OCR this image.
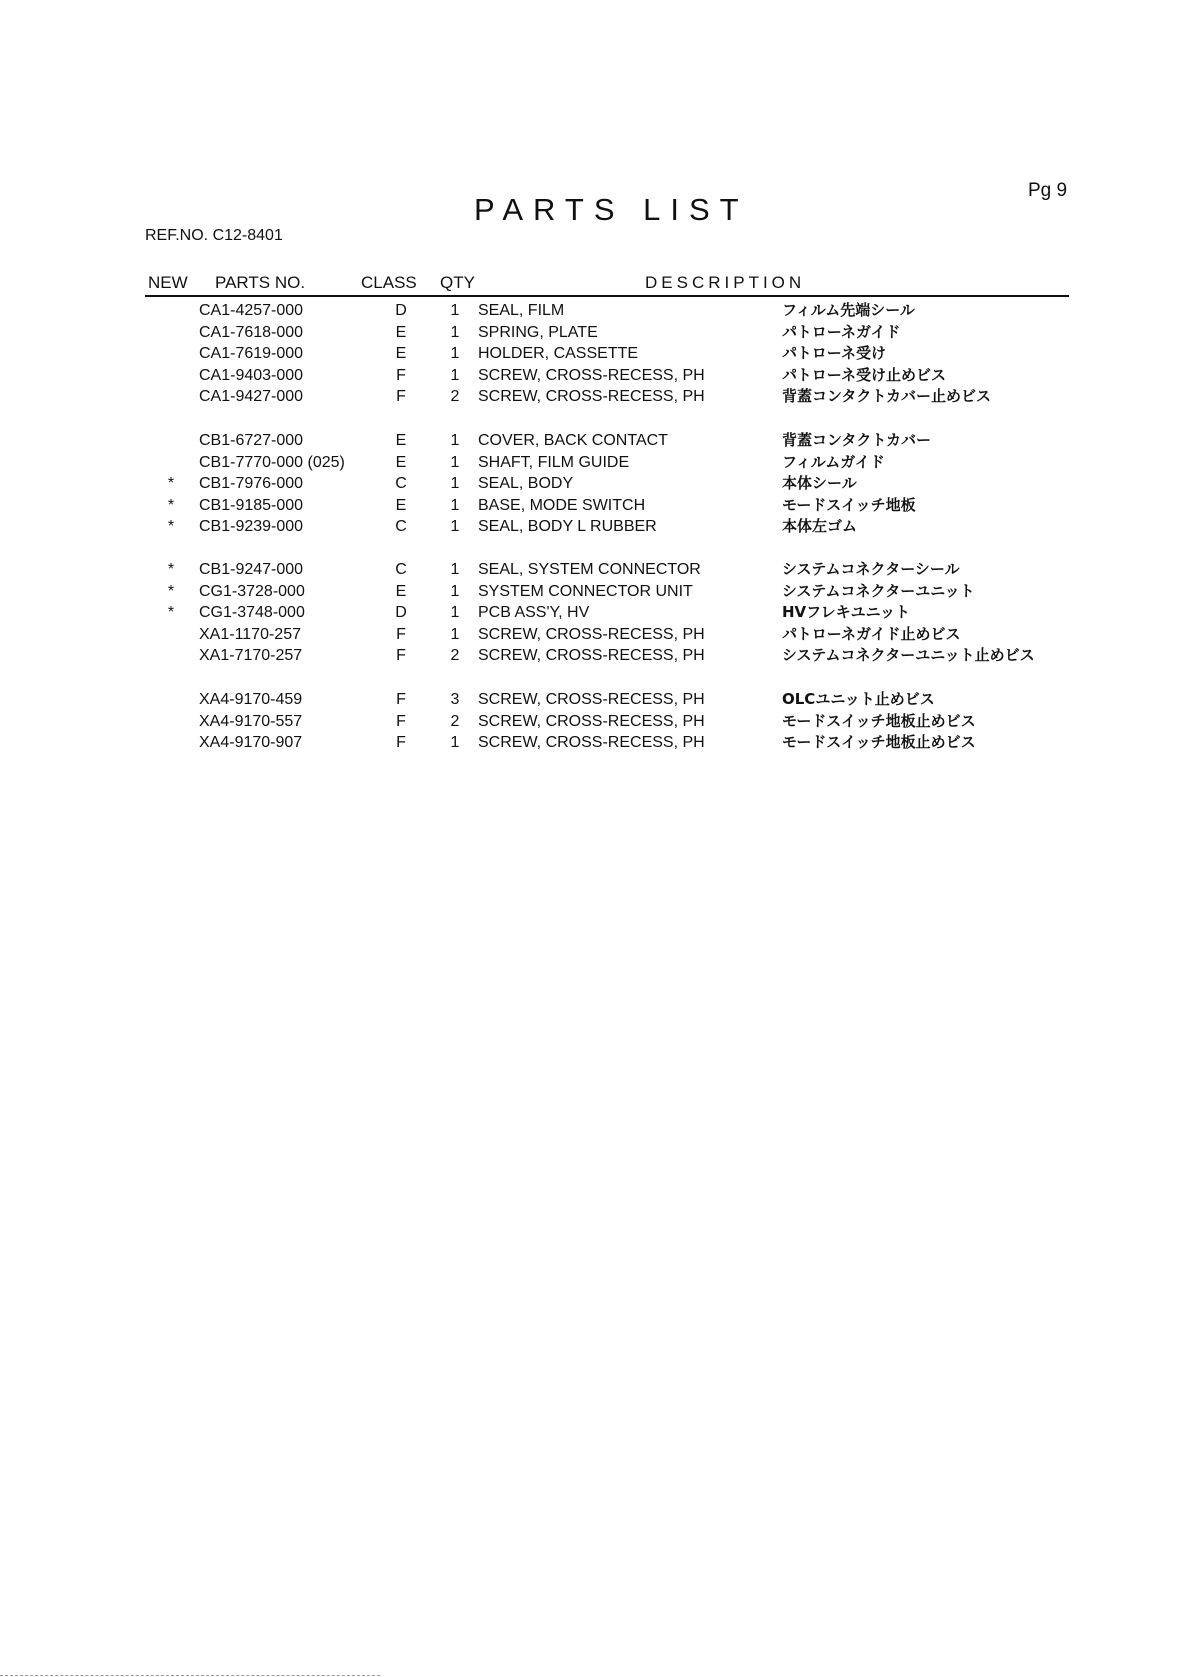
Pg 9
PARTS LIST
REF.NO. C12-8401
NEW PARTS NO.	CLASS QTY	DESCRIPTION
CA1-4257-000	D	1 SEAL, FILM	フィルム先端シール
CA1-7618-000	E	1 SPRING, PLATE	パトローネガイド
CA1-7619-000	E	1 HOLDER, CASSETTE	パトローネ受け
CA1-9403-000	F	1 SCREW, CROSS-RECESS, PH	パトローネ受け止めビス
CA1-9427-000	F	2 SCREW, CROSS-RECESS, PH	背蓋コンタクトカバー止めビス
CB1-6727-000	E	1 COVER, BACK CONTACT	背蓋コンタクトカバー
CB1-7770-000 (025)	E	1 SHAFT, FILM GUIDE	フィルムガイド
* CB1-7976-000	C	1 SEAL, BODY	本体シール
* CB1-9185-000	E	1 BASE, MODE SWITCH	モードスイッチ地板
* CB1-9239-000	C	1 SEAL, BODY L RUBBER	本体左ゴム
* CB1-9247-000	C	1 SEAL, SYSTEM CONNECTOR	システムコネクターシール
* CG1-3728-000	E	1 SYSTEM CONNECTOR UNIT	システムコネクターユニット
* CG1-3748-000	D	1 PCB ASS'Y, HV	HVフレキユニット
XA1-1170-257	F	1 SCREW, CROSS-RECESS, PH	パトローネガイド止めビス
XA1-7170-257	F	2 SCREW, CROSS-RECESS, PH	システムコネクターユニット止めビス
XA4-9170-459	F	3 SCREW, CROSS-RECESS, PH	OLCユニット止めビス
XA4-9170-557	F	2 SCREW, CROSS-RECESS, PH	モードスイッチ地板止めビス
XA4-9170-907	F	1 SCREW, CROSS-RECESS, PH	モードスイッチ地板止めビス
